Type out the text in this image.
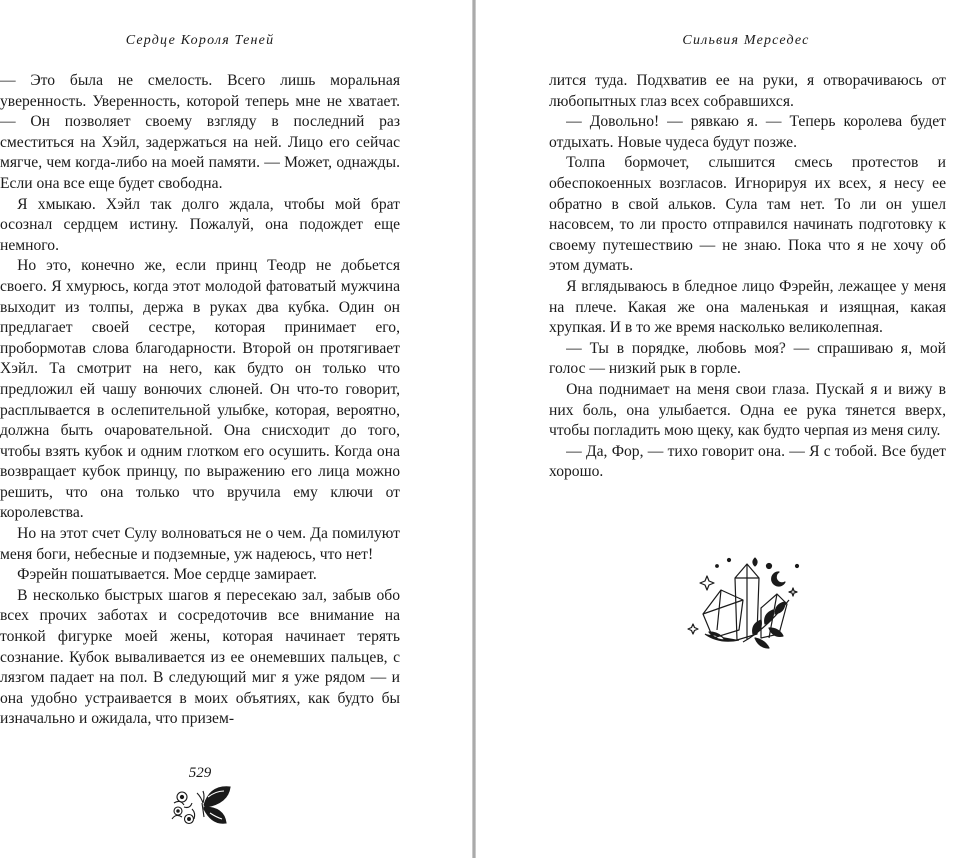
Сердце Короля Теней

— Это была не смелость. Всего лишь моральная уверенность. Уверенность, которой теперь мне не хватает. — Он позволяет своему взгляду в последний раз сместиться на Хэйл, задержаться на ней. Лицо его сейчас мягче, чем когда-либо на моей памяти. — Может, однажды. Если она все еще будет свободна.

Я хмыкаю. Хэйл так долго ждала, чтобы мой брат осознал сердцем истину. Пожалуй, она подождет еще немного.

Но это, конечно же, если принц Теодр не добьется своего. Я хмурюсь, когда этот молодой фатоватый мужчина выходит из толпы, держа в руках два кубка. Один он предлагает своей сестре, которая принимает его, пробормотав слова благодарности. Второй он протягивает Хэйл. Та смотрит на него, как будто он только что предложил ей чашу вонючих слюней. Он что-то говорит, расплывается в ослепительной улыбке, которая, вероятно, должна быть очаровательной. Она снисходит до того, чтобы взять кубок и одним глотком его осушить. Когда она возвращает кубок принцу, по выражению его лица можно решить, что она только что вручила ему ключи от королевства.

Но на этот счет Сулу волноваться не о чем. Да помилуют меня боги, небесные и подземные, уж надеюсь, что нет!

Фэрейн пошатывается. Мое сердце замирает.

В несколько быстрых шагов я пересекаю зал, забыв обо всех прочих заботах и сосредоточив все внимание на тонкой фигурке моей жены, которая начинает терять сознание. Кубок вываливается из ее онемевших пальцев, с лязгом падает на пол. В следующий миг я уже рядом — и она удобно устраивается в моих объятиях, как будто бы изначально и ожидала, что призем-

529
Сильвия Мерседес

лится туда. Подхватив ее на руки, я отворачиваюсь от любопытных глаз всех собравшихся.

— Довольно! — рявкаю я. — Теперь королева будет отдыхать. Новые чудеса будут позже.

Толпа бормочет, слышится смесь протестов и обеспокоенных возгласов. Игнорируя их всех, я несу ее обратно в свой альков. Сула там нет. То ли он ушел насовсем, то ли просто отправился начинать подготовку к своему путешествию — не знаю. Пока что я не хочу об этом думать.

Я вглядываюсь в бледное лицо Фэрейн, лежащее у меня на плече. Какая же она маленькая и изящная, какая хрупкая. И в то же время насколько великолепная.

— Ты в порядке, любовь моя? — спрашиваю я, мой голос — низкий рык в горле.

Она поднимает на меня свои глаза. Пускай я и вижу в них боль, она улыбается. Одна ее рука тянется вверх, чтобы погладить мою щеку, как будто черпая из меня силу.

— Да, Фор, — тихо говорит она. — Я с тобой. Все будет хорошо.
